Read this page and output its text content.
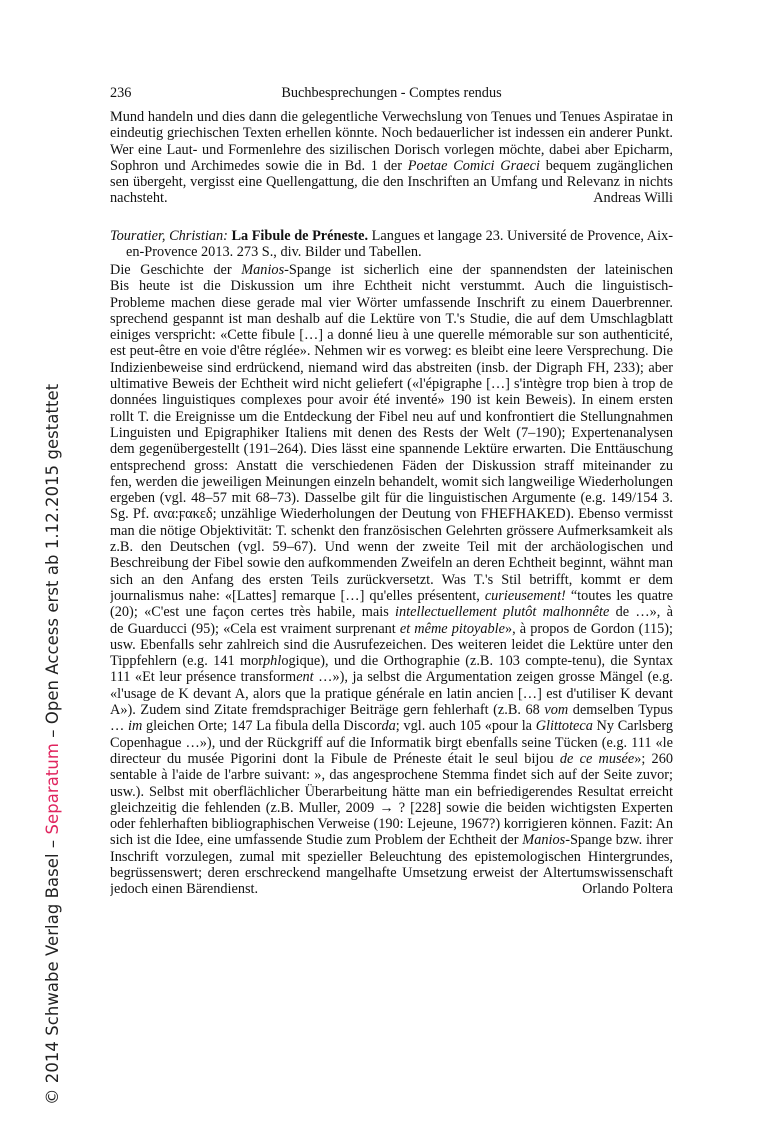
236	Buchbesprechungen - Comptes rendus
Mund handeln und dies dann die gelegentliche Verwechslung von Tenues und Tenues Aspiratae in
eindeutig griechischen Texten erhellen könnte. Noch bedauerlicher ist indessen ein anderer Punkt.
Wer eine Laut- und Formenlehre des sizilischen Dorisch vorlegen möchte, dabei aber Epicharm,
Sophron und Archimedes sowie die in Bd. 1 der Poetae Comici Graeci bequem zugänglichen
sen übergeht, vergisst eine Quellengattung, die den Inschriften an Umfang und Relevanz in nichts
nachsteht.	Andreas Willi
Touratier, Christian: La Fibule de Préneste. Langues et langage 23. Université de Provence, Aix-
en-Provence 2013. 273 S., div. Bilder und Tabellen.
Die Geschichte der Manios-Spange ist sicherlich eine der spannendsten der lateinischen
Bis heute ist die Diskussion um ihre Echtheit nicht verstummt. Auch die linguistisch-
Probleme machen diese gerade mal vier Wörter umfassende Inschrift zu einem Dauerbrenner.
sprechend gespannt ist man deshalb auf die Lektüre von T.'s Studie, die auf dem Umschlagblatt
einiges verspricht: «Cette fibule […] a donné lieu à une querelle mémorable sur son authenticité,
est peut-être en voie d'être réglée». Nehmen wir es vorweg: es bleibt eine leere Versprechung. Die
Indizienbeweise sind erdrückend, niemand wird das abstreiten (insb. der Digraph FH, 233); aber
ultimative Beweis der Echtheit wird nicht geliefert («l'épigraphe […] s'intègre trop bien à trop de
données linguistiques complexes pour avoir été inventé» 190 ist kein Beweis). In einem ersten
rollt T. die Ereignisse um die Entdeckung der Fibel neu auf und konfrontiert die Stellungnahmen
Linguisten und Epigraphiker Italiens mit denen des Rests der Welt (7–190); Expertenanalysen
dem gegenübergestellt (191–264). Dies lässt eine spannende Lektüre erwarten. Die Enttäuschung
entsprechend gross: Anstatt die verschiedenen Fäden der Diskussion straff miteinander zu
fen, werden die jeweiligen Meinungen einzeln behandelt, womit sich langweilige Wiederholungen
ergeben (vgl. 48–57 mit 68–73). Dasselbe gilt für die linguistischen Argumente (e.g. 149/154 3.
Sg. Pf. ανα:ϝακεδ; unzählige Wiederholungen der Deutung von FHEFHAKED). Ebenso vermisst
man die nötige Objektivität: T. schenkt den französischen Gelehrten grössere Aufmerksamkeit als
z.B. den Deutschen (vgl. 59–67). Und wenn der zweite Teil mit der archäologischen und
Beschreibung der Fibel sowie den aufkommenden Zweifeln an deren Echtheit beginnt, wähnt man
sich an den Anfang des ersten Teils zurückversetzt. Was T.'s Stil betrifft, kommt er dem
journalismus nahe: «[Lattes] remarque […] qu'elles présentent, curieusement! “toutes les quatre
(20); «C'est une façon certes très habile, mais intellectuellement plutôt malhonnête de …», à
de Guarducci (95); «Cela est vraiment surprenant et même pitoyable», à propos de Gordon (115);
usw. Ebenfalls sehr zahlreich sind die Ausrufezeichen. Des weiteren leidet die Lektüre unter den
Tippfehlern (e.g. 141 morphlogique), und die Orthographie (z.B. 103 compte-tenu), die Syntax
111 «Et leur présence transforment …»), ja selbst die Argumentation zeigen grosse Mängel (e.g.
«l'usage de K devant A, alors que la pratique générale en latin ancien […] est d'utiliser K devant
A»). Zudem sind Zitate fremdsprachiger Beiträge gern fehlerhaft (z.B. 68 vom demselben Typus
… im gleichen Orte; 147 La fibula della Discorda; vgl. auch 105 «pour la Glittoteca Ny Carlsberg
Copenhague …»), und der Rückgriff auf die Informatik birgt ebenfalls seine Tücken (e.g. 111 «le
directeur du musée Pigorini dont la Fibule de Préneste était le seul bijou de ce musée»; 260
sentable à l'aide de l'arbre suivant: », das angesprochene Stemma findet sich auf der Seite zuvor;
usw.). Selbst mit oberflächlicher Überarbeitung hätte man ein befriedigerendes Resultat erreicht
gleichzeitig die fehlenden (z.B. Muller, 2009 → ? [228] sowie die beiden wichtigsten Experten
oder fehlerhaften bibliographischen Verweise (190: Lejeune, 1967?) korrigieren können. Fazit: An
sich ist die Idee, eine umfassende Studie zum Problem der Echtheit der Manios-Spange bzw. ihrer
Inschrift vorzulegen, zumal mit spezieller Beleuchtung des epistemologischen Hintergrundes,
begrüssenswert; deren erschreckend mangelhafte Umsetzung erweist der Altertumswissenschaft
jedoch einen Bärendienst.	Orlando Poltera
© 2014 Schwabe Verlag Basel – Separatum – Open Access erst ab 1.12.2015 gestattet
